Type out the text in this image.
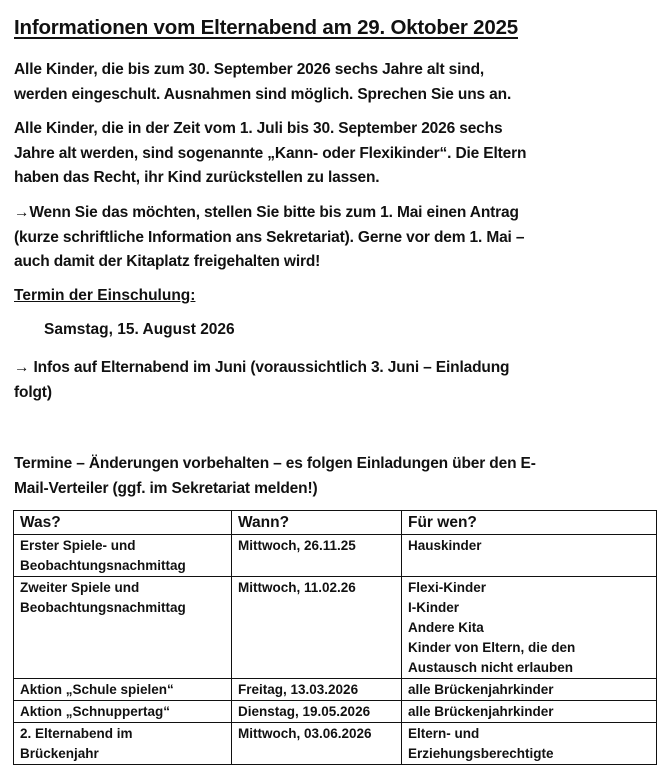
Informationen vom Elternabend am 29. Oktober 2025
Alle Kinder, die bis zum 30. September 2026 sechs Jahre alt sind,
werden eingeschult. Ausnahmen sind möglich. Sprechen Sie uns an.
Alle Kinder, die in der Zeit vom 1. Juli bis 30. September 2026 sechs
Jahre alt werden, sind sogenannte „Kann- oder Flexikinder“. Die Eltern
haben das Recht, ihr Kind zurückstellen zu lassen.
→Wenn Sie das möchten, stellen Sie bitte bis zum 1. Mai einen Antrag
(kurze schriftliche Information ans Sekretariat). Gerne vor dem 1. Mai –
auch damit der Kitaplatz freigehalten wird!
Termin der Einschulung:
Samstag, 15. August 2026
→ Infos auf Elternabend im Juni (voraussichtlich 3. Juni – Einladung
folgt)
Termine – Änderungen vorbehalten – es folgen Einladungen über den E-
Mail-Verteiler (ggf. im Sekretariat melden!)
Was?	Wann?	Für wen?

Erster Spiele- und
Beobachtungsnachmittag	Mittwoch, 26.11.25	Hauskinder

Zweiter Spiele und
Beobachtungsnachmittag	Mittwoch, 11.02.26	Flexi-Kinder
I-Kinder
Andere Kita
Kinder von Eltern, die den
Austausch nicht erlauben

Aktion „Schule spielen“	Freitag, 13.03.2026	alle Brückenjahrkinder

Aktion „Schnuppertag“	Dienstag, 19.05.2026	alle Brückenjahrkinder

2. Elternabend im
Brückenjahr	Mittwoch, 03.06.2026	Eltern- und
Erziehungsberechtigte
